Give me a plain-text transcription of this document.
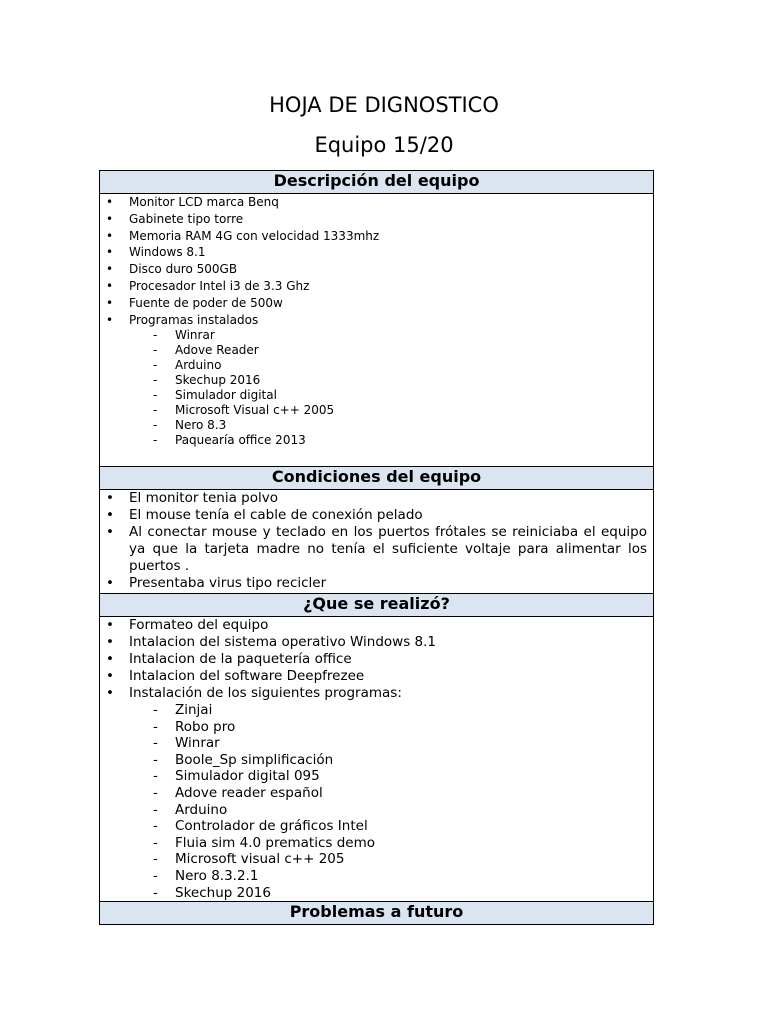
HOJA DE DIGNOSTICO
Equipo 15/20
Descripción del equipo
• Monitor LCD marca Benq
• Gabinete tipo torre
• Memoria RAM 4G con velocidad 1333mhz
• Windows 8.1
• Disco duro 500GB
• Procesador Intel i3 de 3.3 Ghz
• Fuente de poder de 500w
• Programas instalados
- Winrar
- Adove Reader
- Arduino
- Skechup 2016
- Simulador digital
- Microsoft Visual c++ 2005
- Nero 8.3
- Paquearía office 2013
Condiciones del equipo
• El monitor tenia polvo
• El mouse tenía el cable de conexión pelado
• Al conectar mouse y teclado en los puertos frótales se reiniciaba el equipo ya que la tarjeta madre no tenía el suficiente voltaje para alimentar los puertos .
• Presentaba virus tipo recicler
¿Que se realizó?
• Formateo del equipo
• Intalacion del sistema operativo Windows 8.1
• Intalacion de la paquetería office
• Intalacion del software Deepfrezee
• Instalación de los siguientes programas:
- Zinjai
- Robo pro
- Winrar
- Boole_Sp simplificación
- Simulador digital 095
- Adove reader español
- Arduino
- Controlador de gráficos Intel
- Fluia sim 4.0 prematics demo
- Microsoft visual c++ 205
- Nero 8.3.2.1
- Skechup 2016
Problemas a futuro
